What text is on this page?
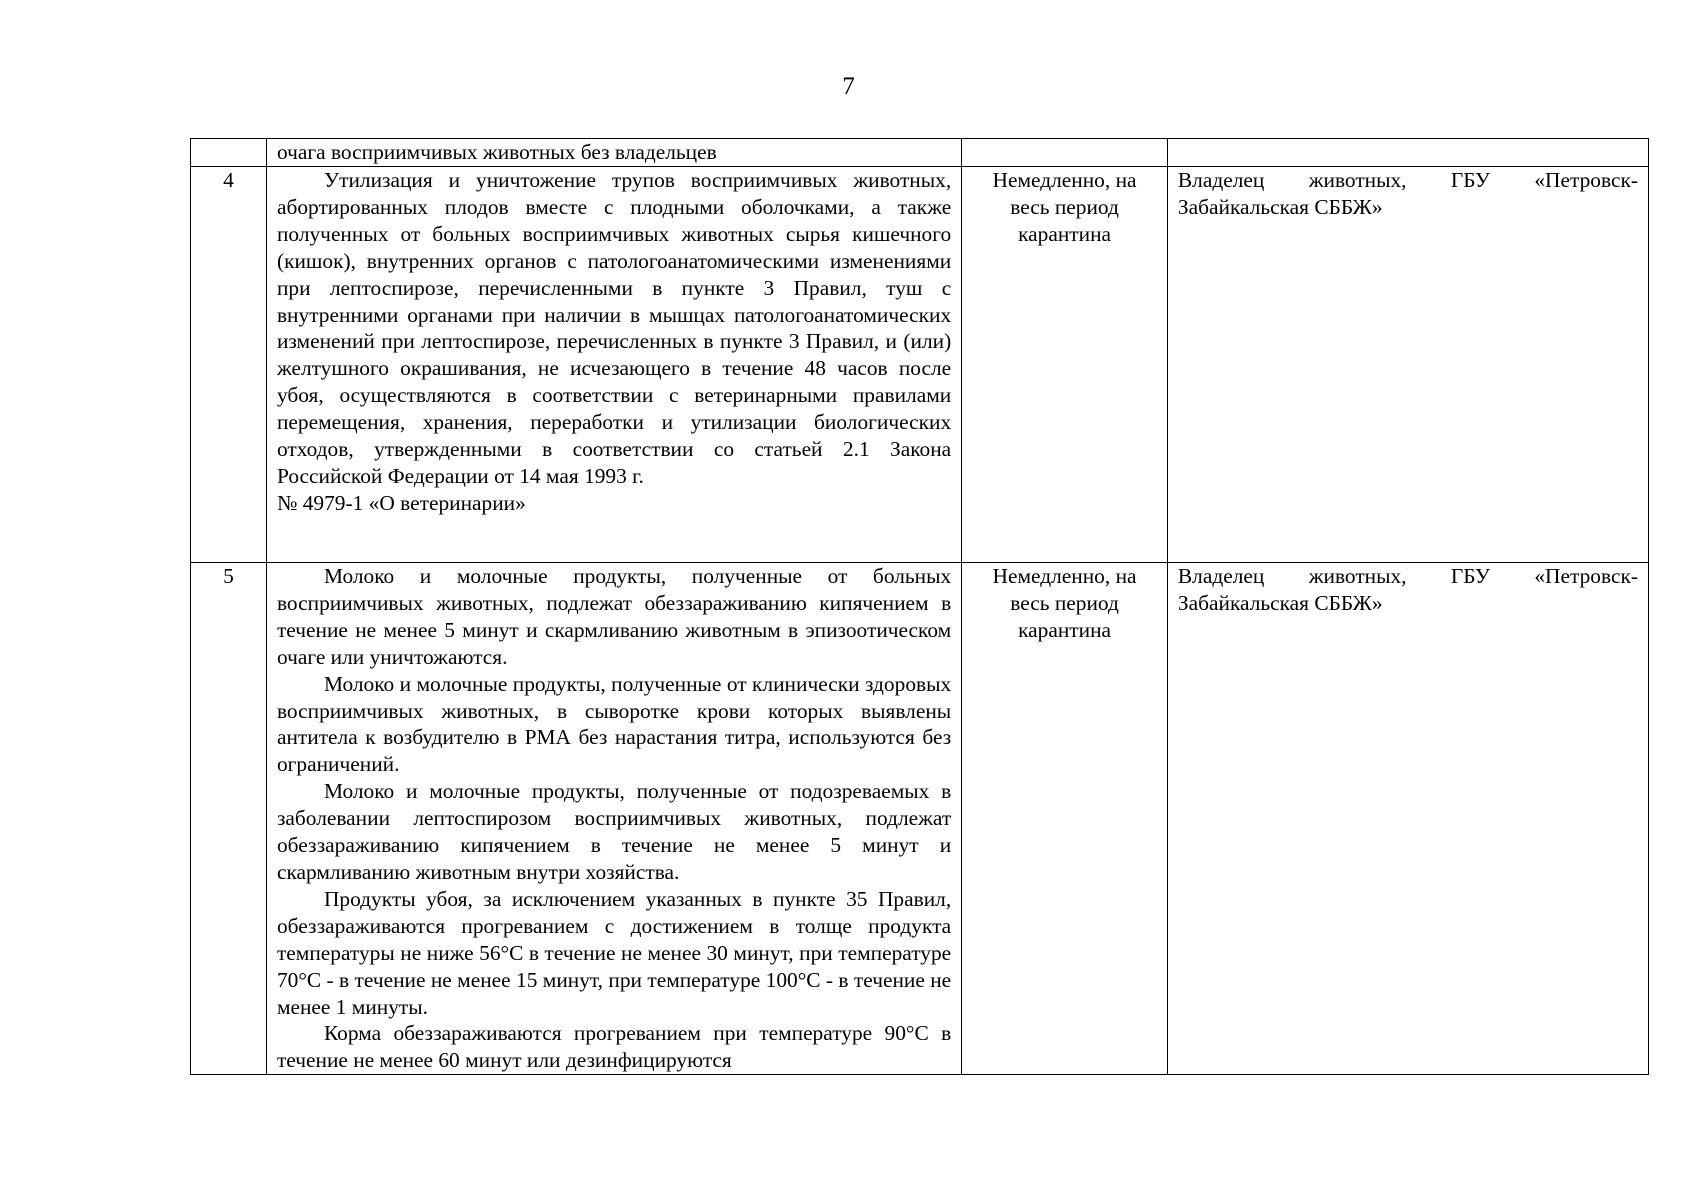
7
	очага восприимчивых животных без владельцев		
4	Утилизация и уничтожение трупов восприимчивых животных, абортированных плодов вместе с плодными оболочками, а также полученных от больных восприимчивых животных сырья кишечного (кишок), внутренних органов с патологоанатомическими изменениями при лептоспирозе, перечисленными в пункте 3 Правил, туш с внутренними органами при наличии в мышцах патологоанатомических изменений при лептоспирозе, перечисленных в пункте 3 Правил, и (или) желтушного окрашивания, не исчезающего в течение 48 часов после убоя, осуществляются в соответствии с ветеринарными правилами перемещения, хранения, переработки и утилизации биологических отходов, утвержденными в соответствии со статьей 2.1 Закона Российской Федерации от 14 мая 1993 г.

№ 4979-1 «О ветеринарии»	Немедленно, на весь период карантина	Владелец животных, ГБУ «Петровск-Забайкальская СББЖ»
5	Молоко и молочные продукты, полученные от больных восприимчивых животных, подлежат обеззараживанию кипячением в течение не менее 5 минут и скармливанию животным в эпизоотическом очаге или уничтожаются.

Молоко и молочные продукты, полученные от клинически здоровых восприимчивых животных, в сыворотке крови которых выявлены антитела к возбудителю в РМА без нарастания титра, используются без ограничений.

Молоко и молочные продукты, полученные от подозреваемых в заболевании лептоспирозом восприимчивых животных, подлежат обеззараживанию кипячением в течение не менее 5 минут и скармливанию животным внутри хозяйства.

Продукты убоя, за исключением указанных в пункте 35 Правил, обеззараживаются прогреванием с достижением в толще продукта температуры не ниже 56°С в течение не менее 30 минут, при температуре 70°С - в течение не менее 15 минут, при температуре 100°С - в течение не менее 1 минуты.

Корма обеззараживаются прогреванием при температуре 90°С в течение не менее 60 минут или дезинфицируются	Немедленно, на весь период карантина	Владелец животных, ГБУ «Петровск-Забайкальская СББЖ»
